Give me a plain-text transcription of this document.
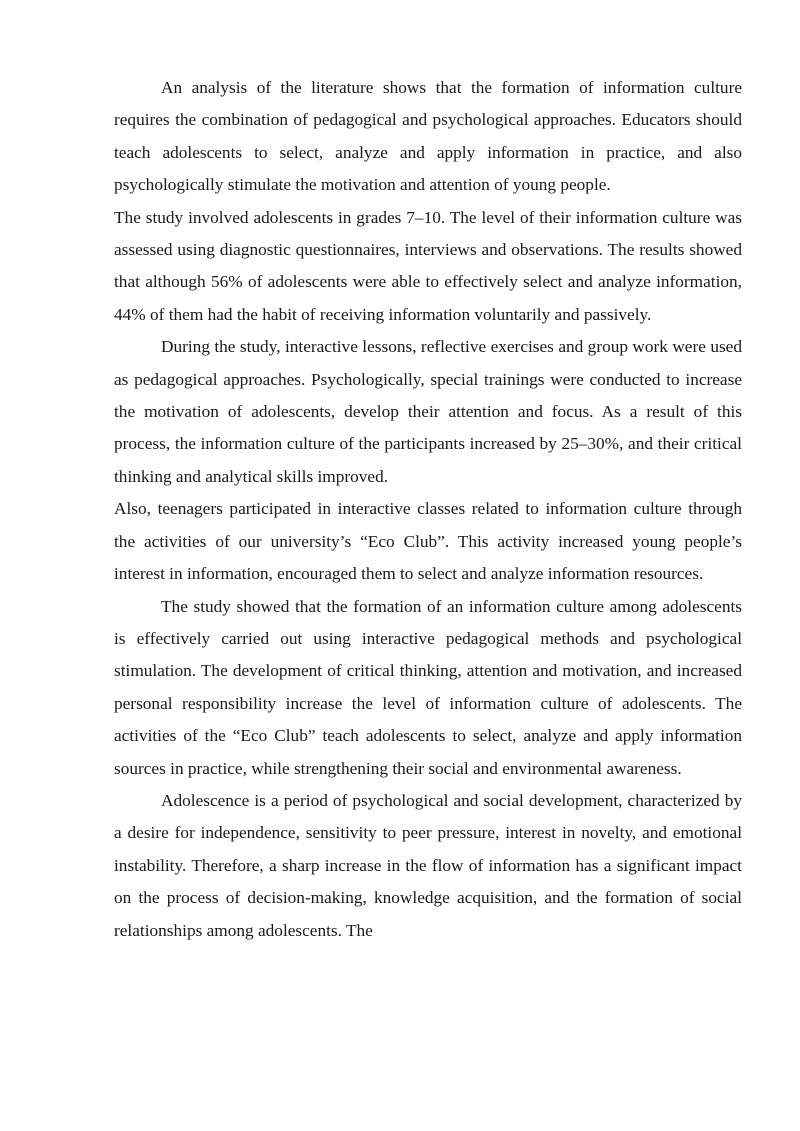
An analysis of the literature shows that the formation of information culture requires the combination of pedagogical and psychological approaches. Educators should teach adolescents to select, analyze and apply information in practice, and also psychologically stimulate the motivation and attention of young people.

The study involved adolescents in grades 7–10. The level of their information culture was assessed using diagnostic questionnaires, interviews and observations. The results showed that although 56% of adolescents were able to effectively select and analyze information, 44% of them had the habit of receiving information voluntarily and passively.

During the study, interactive lessons, reflective exercises and group work were used as pedagogical approaches. Psychologically, special trainings were conducted to increase the motivation of adolescents, develop their attention and focus. As a result of this process, the information culture of the participants increased by 25–30%, and their critical thinking and analytical skills improved.

Also, teenagers participated in interactive classes related to information culture through the activities of our university’s “Eco Club”. This activity increased young people’s interest in information, encouraged them to select and analyze information resources.

The study showed that the formation of an information culture among adolescents is effectively carried out using interactive pedagogical methods and psychological stimulation. The development of critical thinking, attention and motivation, and increased personal responsibility increase the level of information culture of adolescents. The activities of the “Eco Club” teach adolescents to select, analyze and apply information sources in practice, while strengthening their social and environmental awareness.

Adolescence is a period of psychological and social development, characterized by a desire for independence, sensitivity to peer pressure, interest in novelty, and emotional instability. Therefore, a sharp increase in the flow of information has a significant impact on the process of decision-making, knowledge acquisition, and the formation of social relationships among adolescents. The
